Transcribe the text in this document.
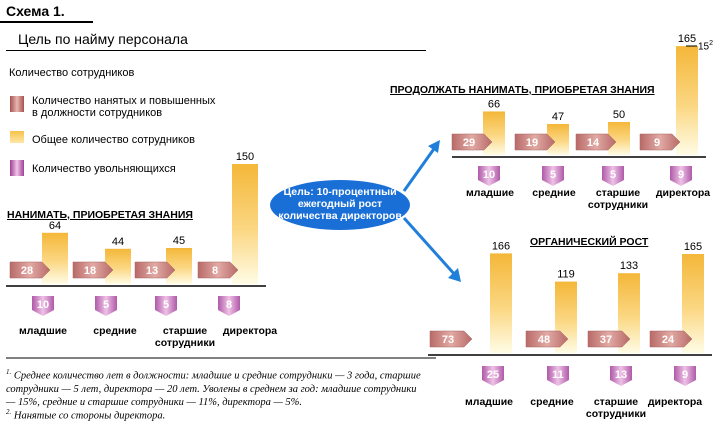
Схема 1.
Цель по найму персонала
Количество сотрудников
Количество нанятых и повышенных
в должности сотрудников
Общее количество сотрудников
Количество увольняющихся
НАНИМАТЬ, ПРИОБРЕТАЯ ЗНАНИЯ
ПРОДОЛЖАТЬ НАНИМАТЬ, ПРИОБРЕТАЯ ЗНАНИЯ
ОРГАНИЧЕСКИЙ РОСТ
64
44	45
150
28	18	13	8
10	5	5	8
66
47	50
165
29	19	14	9
10	5	5	9
166
119
133
165
73	48	37	24
25	11	13	9
Цель: 10-процентный
ежегодный рост
количества директоров
$15^2$
младшие	средние	старшие
сотрудники
директора
младшие	средние	старшие
сотрудники
директора
младшие	средние	старшие
сотрудники
директора
$^{1.}$ Среднее количество лет в должности: младшие и средние сотрудники — 3 года, старшие
сотрудники — 5 лет, директора — 20 лет. Уволены в среднем за год: младшие сотрудники
— 15%, средние и старшие сотрудники — 11%, директора — 5%.
$^{2.}$ Нанятые со стороны директора.
